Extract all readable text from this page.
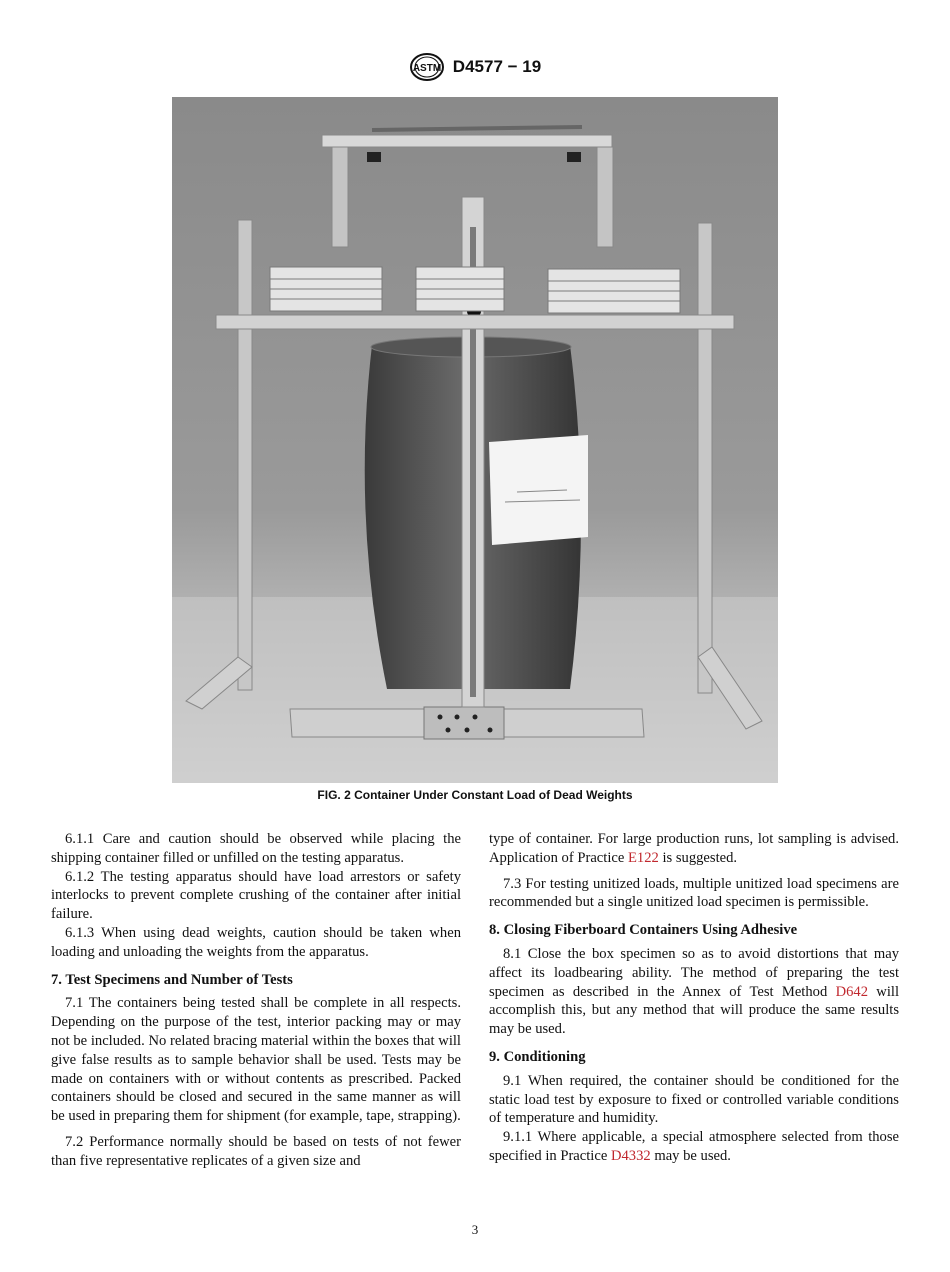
ASTM D4577 − 19
FIG. 2 Container Under Constant Load of Dead Weights

6.1.1 Care and caution should be observed while placing the shipping container filled or unfilled on the testing apparatus.

6.1.2 The testing apparatus should have load arrestors or safety interlocks to prevent complete crushing of the container after initial failure.

6.1.3 When using dead weights, caution should be taken when loading and unloading the weights from the apparatus.

7. Test Specimens and Number of Tests

7.1 The containers being tested shall be complete in all respects. Depending on the purpose of the test, interior packing may or may not be included. No related bracing material within the boxes that will give false results as to sample behavior shall be used. Tests may be made on containers with or without contents as prescribed. Packed containers should be closed and secured in the same manner as will be used in preparing them for shipment (for example, tape, strapping).

7.2 Performance normally should be based on tests of not fewer than five representative replicates of a given size and

type of container. For large production runs, lot sampling is advised. Application of Practice E122 is suggested.

7.3 For testing unitized loads, multiple unitized load specimens are recommended but a single unitized load specimen is permissible.

8. Closing Fiberboard Containers Using Adhesive

8.1 Close the box specimen so as to avoid distortions that may affect its loadbearing ability. The method of preparing the test specimen as described in the Annex of Test Method D642 will accomplish this, but any method that will produce the same results may be used.

9. Conditioning

9.1 When required, the container should be conditioned for the static load test by exposure to fixed or controlled variable conditions of temperature and humidity.

9.1.1 Where applicable, a special atmosphere selected from those specified in Practice D4332 may be used.

3
